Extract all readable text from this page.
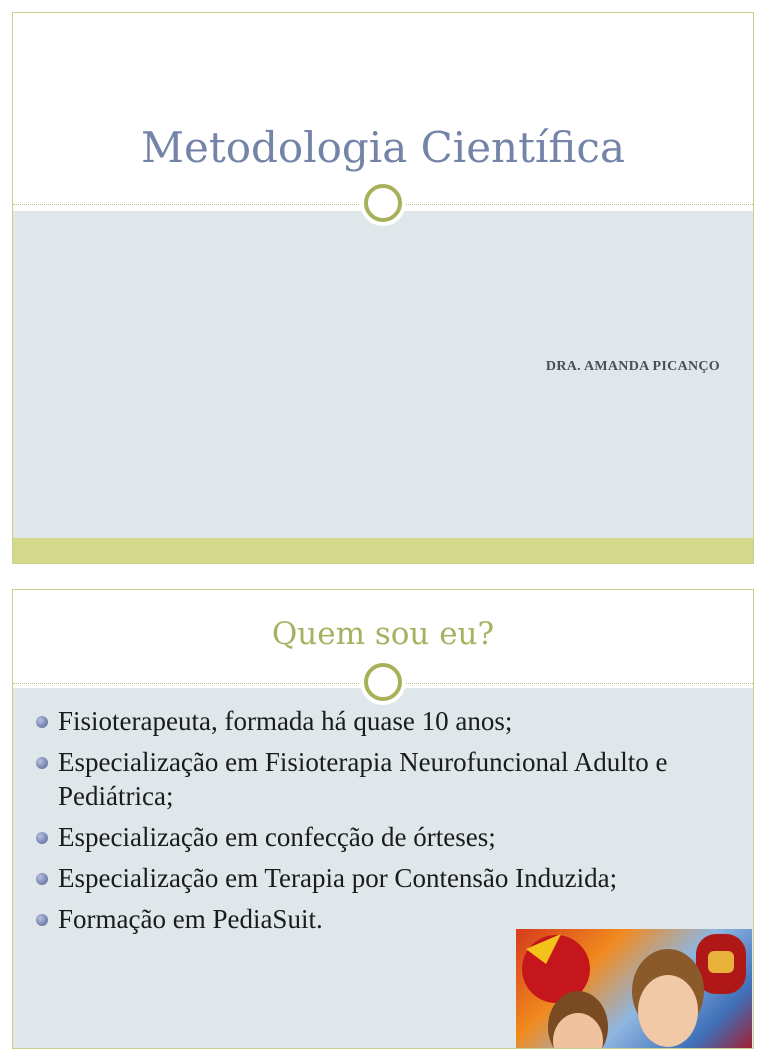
Metodologia Científica
DRA. AMANDA PICANÇO
Quem sou eu?
Fisioterapeuta, formada há quase 10 anos;
Especialização em Fisioterapia Neurofuncional Adulto e Pediátrica;
Especialização em confecção de órteses;
Especialização em Terapia por Contensão Induzida;
Formação em PediaSuit.
